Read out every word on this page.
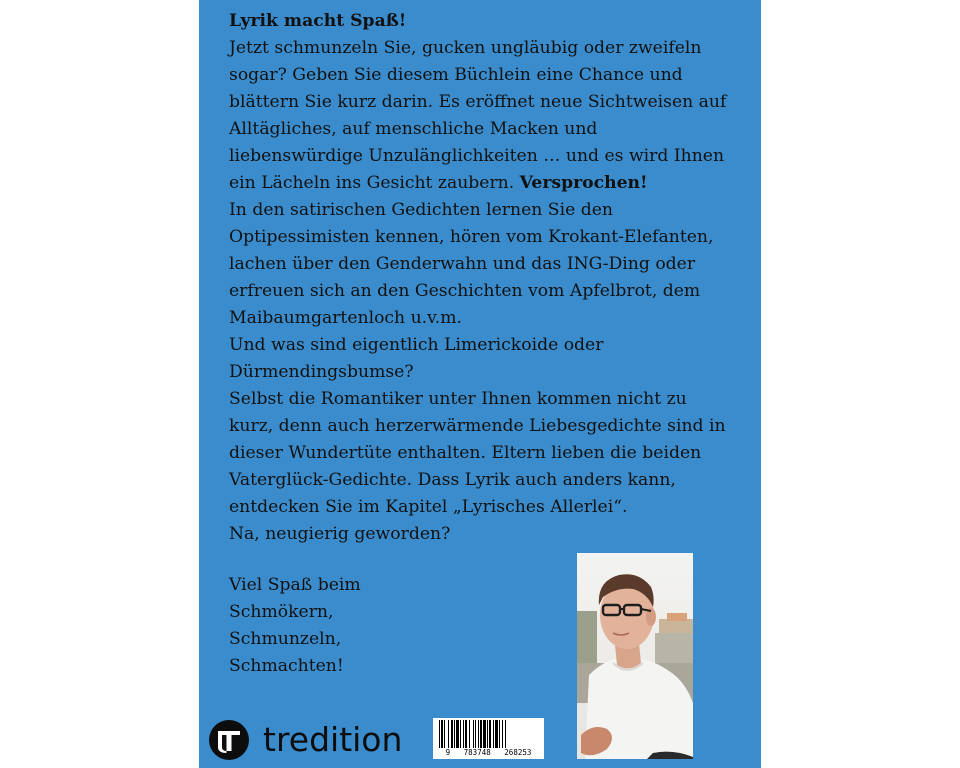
Lyrik macht Spaß!

Jetzt schmunzeln Sie, gucken ungläubig oder zweifeln sogar? Geben Sie diesem Büchlein eine Chance und blättern Sie kurz darin. Es eröffnet neue Sichtweisen auf Alltägliches, auf menschliche Macken und liebenswürdige Unzulänglichkeiten … und es wird Ihnen ein Lächeln ins Gesicht zaubern. Versprochen!

In den satirischen Gedichten lernen Sie den Optipessimisten kennen, hören vom Krokant-Elefanten, lachen über den Genderwahn und das ING-Ding oder erfreuen sich an den Geschichten vom Apfelbrot, dem Maibaumgartenloch u.v.m.

Und was sind eigentlich Limerickoide oder Dürmendingsbumse?

Selbst die Romantiker unter Ihnen kommen nicht zu kurz, denn auch herzerwärmende Liebesgedichte sind in dieser Wundertüte enthalten. Eltern lieben die beiden Vaterglück-Gedichte. Dass Lyrik auch anders kann, entdecken Sie im Kapitel „Lyrisches Allerlei“.

Na, neugierig geworden?

Viel Spaß beim

Schmökern,

Schmunzeln,

Schmachten!

tredition	9 783748 268253
